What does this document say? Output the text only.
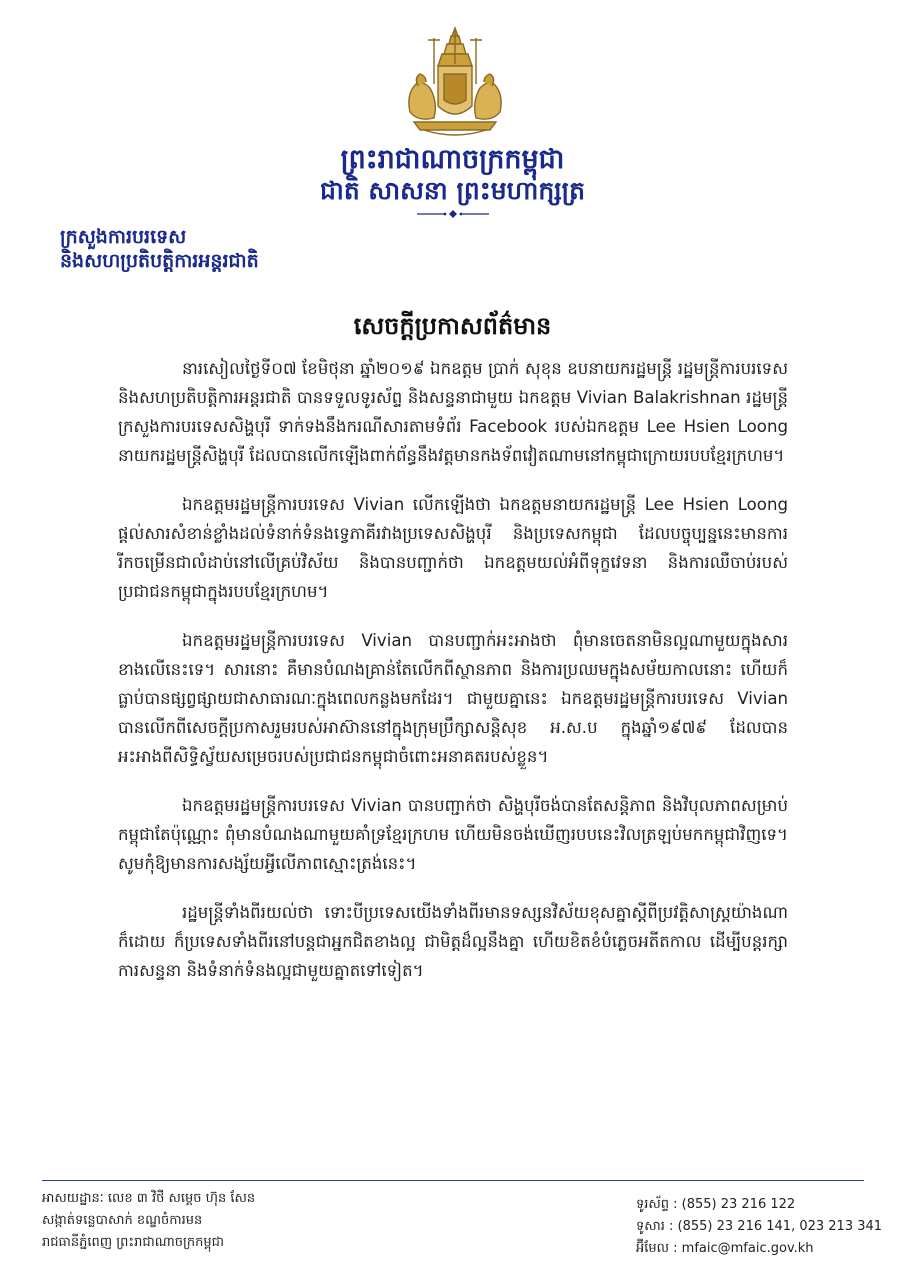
ព្រះរាជាណាចក្រកម្ពុជា
ជាតិ សាសនា ព្រះមហាក្សត្រ
ក្រសួងការបរទេស
និងសហប្រតិបត្តិការអន្តរជាតិ
សេចក្តីប្រកាសព័ត៌មាន

នារសៀលថ្ងៃទី០៧ ខែមិថុនា ឆ្នាំ២០១៩ ឯកឧត្តម ប្រាក់ សុខុន ឧបនាយករដ្ឋមន្ត្រី រដ្ឋមន្ត្រីការបរទេស និងសហប្រតិបត្តិការអន្តរជាតិ បានទទួលទូរស័ព្ទ និងសន្ទនាជាមួយ ឯកឧត្តម Vivian Balakrishnan រដ្ឋមន្ត្រីក្រសួងការបរទេសសិង្ហបុរី ទាក់ទងនឹងករណីសារតាមទំព័រ Facebook របស់ឯកឧត្តម Lee Hsien Loong នាយករដ្ឋមន្ត្រីសិង្ហបុរី ដែលបានលើកឡើងពាក់ព័ន្ធនឹងវត្តមានកងទ័ពវៀតណាមនៅកម្ពុជាក្រោយរបបខ្មែរក្រហម។

ឯកឧត្តមរដ្ឋមន្ត្រីការបរទេស Vivian លើកឡើងថា ឯកឧត្តមនាយករដ្ឋមន្ត្រី Lee Hsien Loong ផ្តល់សារសំខាន់ខ្លាំងដល់ទំនាក់ទំនងទ្វេភាគីរវាងប្រទេសសិង្ហបុរី និងប្រទេសកម្ពុជា ដែលបច្ចុប្បន្ននេះមានការរីកចម្រើនជាលំដាប់នៅលើគ្រប់វិស័យ និងបានបញ្ជាក់ថា ឯកឧត្តមយល់អំពីទុក្ខវេទនា និងការឈឺចាប់របស់ប្រជាជនកម្ពុជាក្នុងរបបខ្មែរក្រហម។

ឯកឧត្តមរដ្ឋមន្ត្រីការបរទេស Vivian បានបញ្ជាក់អះអាងថា ពុំមានចេតនាមិនល្អណាមួយក្នុងសារខាងលើនេះទេ។ សារនោះ គឺមានបំណងគ្រាន់តែលើកពីស្ថានភាព និងការប្រឈមក្នុងសម័យកាលនោះ ហើយក៏ធ្លាប់បានផ្សព្វផ្សាយជាសាធារណៈក្នុងពេលកន្លងមកដែរ។ ជាមួយគ្នានេះ ឯកឧត្តមរដ្ឋមន្ត្រីការបរទេស Vivian បានលើកពីសេចក្តីប្រកាសរួមរបស់អាស៊ាននៅក្នុងក្រុមប្រឹក្សាសន្តិសុខ អ.ស.ប ក្នុងឆ្នាំ១៩៧៩ ដែលបានអះអាងពីសិទ្ធិស្វ័យសម្រេចរបស់ប្រជាជនកម្ពុជាចំពោះអនាគតរបស់ខ្លួន។

ឯកឧត្តមរដ្ឋមន្ត្រីការបរទេស Vivian បានបញ្ជាក់ថា សិង្ហបុរីចង់បានតែសន្តិភាព និងវិបុលភាពសម្រាប់កម្ពុជាតែប៉ុណ្ណោះ ពុំមានបំណងណាមួយគាំទ្រខ្មែរក្រហម ហើយមិនចង់ឃើញរបបនេះវិលត្រឡប់មកកម្ពុជាវិញទេ។ សូមកុំឱ្យមានការសង្ស័យអ្វីលើភាពស្មោះត្រង់នេះ។

រដ្ឋមន្ត្រីទាំងពីរយល់ថា ទោះបីប្រទេសយើងទាំងពីរមានទស្សនវិស័យខុសគ្នាស្តីពីប្រវត្តិសាស្ត្រយ៉ាងណាក៏ដោយ ក៏ប្រទេសទាំងពីរនៅបន្តជាអ្នកជិតខាងល្អ ជាមិត្តដ៏ល្អនឹងគ្នា ហើយខិតខំបំភ្លេចអតីតកាល ដើម្បីបន្តរក្សាការសន្ទនា និងទំនាក់ទំនងល្អជាមួយគ្នាតទៅទៀត។

អាសយដ្ឋានៈ លេខ ៣ វិថី សម្តេច ហ៊ុន សែន
សង្កាត់ទន្លេបាសាក់ ខណ្ឌចំការមន
រាជធានីភ្នំពេញ ព្រះរាជាណាចក្រកម្ពុជា
ទូរស័ព្ទ : (855) 23 216 122
ទូសារ : (855) 23 216 141, 023 213 341
អ៊ីមែល : mfaic@mfaic.gov.kh
